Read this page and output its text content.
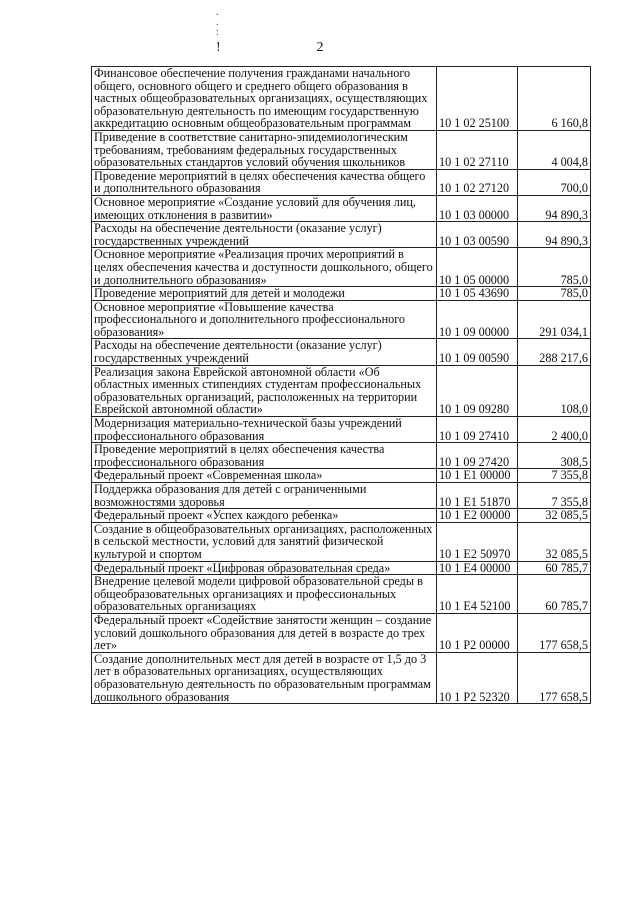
.
.
:
!	2
Финансовое обеспечение получения гражданами начального общего, основного общего и среднего общего образования в частных общеобразовательных организациях, осуществляющих образовательную деятельность по имеющим государственную аккредитацию основным общеобразовательным программам	10 1 02 25100	6 160,8
Приведение в соответствие санитарно-эпидемиологическим требованиям, требованиям федеральных государственных образовательных стандартов условий обучения школьников	10 1 02 27110	4 004,8
Проведение мероприятий в целях обеспечения качества общего и дополнительного образования	10 1 02 27120	700,0
Основное мероприятие «Создание условий для обучения лиц, имеющих отклонения в развитии»	10 1 03 00000	94 890,3
Расходы на обеспечение деятельности (оказание услуг) государственных учреждений	10 1 03 00590	94 890,3
Основное мероприятие «Реализация прочих мероприятий в целях обеспечения качества и доступности дошкольного, общего и дополнительного образования»	10 1 05 00000	785,0
Проведение мероприятий для детей и молодежи	10 1 05 43690	785,0
Основное мероприятие «Повышение качества профессионального и дополнительного профессионального образования»	10 1 09 00000	291 034,1
Расходы на обеспечение деятельности (оказание услуг) государственных учреждений	10 1 09 00590	288 217,6
Реализация закона Еврейской автономной области «Об областных именных стипендиях студентам профессиональных образовательных организаций, расположенных на территории Еврейской автономной области»	10 1 09 09280	108,0
Модернизация материально-технической базы учреждений профессионального образования	10 1 09 27410	2 400,0
Проведение мероприятий в целях обеспечения качества профессионального образования	10 1 09 27420	308,5
Федеральный проект «Современная школа»	10 1 E1 00000	7 355,8
Поддержка образования для детей с ограниченными возможностями здоровья	10 1 E1 51870	7 355,8
Федеральный проект «Успех каждого ребенка»	10 1 E2 00000	32 085,5
Создание в общеобразовательных организациях, расположенных в сельской местности, условий для занятий физической культурой и спортом	10 1 E2 50970	32 085,5
Федеральный проект «Цифровая образовательная среда»	10 1 E4 00000	60 785,7
Внедрение целевой модели цифровой образовательной среды в общеобразовательных организациях и профессиональных образовательных организациях	10 1 E4 52100	60 785,7
Федеральный проект «Содействие занятости женщин – создание условий дошкольного образования для детей в возрасте до трех лет»	10 1 P2 00000	177 658,5
Создание дополнительных мест для детей в возрасте от 1,5 до 3 лет в образовательных организациях, осуществляющих образовательную деятельность по образовательным программам дошкольного образования	10 1 P2 52320	177 658,5
